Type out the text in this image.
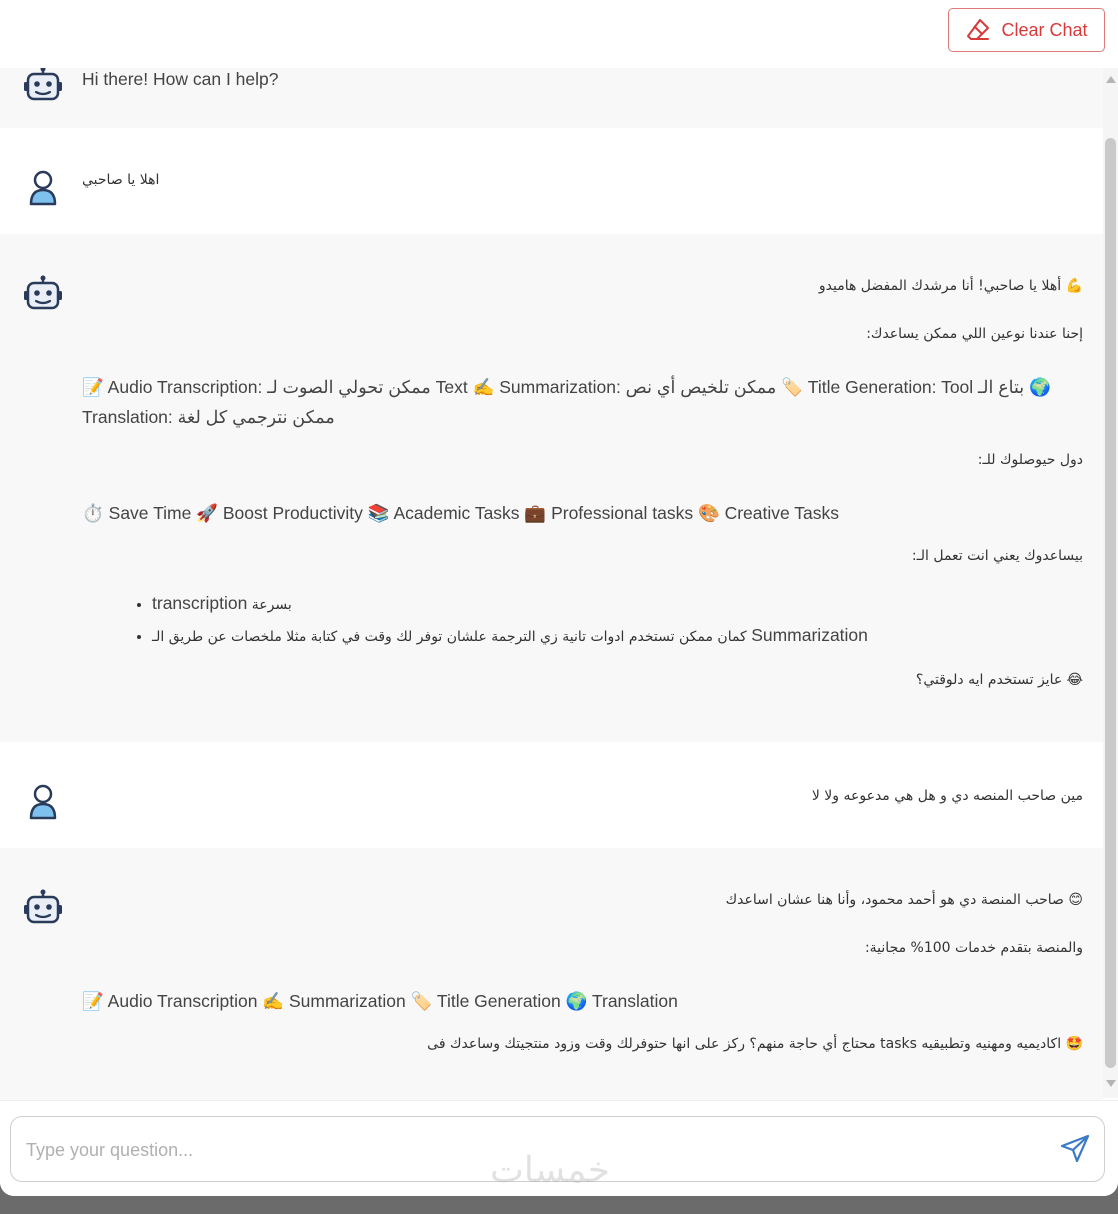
Hi there! How can I help?
اهلا يا صاحبي
💪 أهلا يا صاحبي! أنا مرشدك المفضل هاميدو
إحنا عندنا نوعين اللي ممكن يساعدك:
📝 Audio Transcription: ممكن تحولي الصوت لـ Text ✍️ Summarization: ممكن تلخيص أي نص 🏷️ Title Generation: Tool بتاع الـ 🌍
Translation: ممكن نترجمي كل لغة
دول حيوصلوك للـ:
⏱️ Save Time 🚀 Boost Productivity 📚 Academic Tasks 💼 Professional tasks 🎨 Creative Tasks
بيساعدوك يعني انت تعمل الـ:
• transcription بسرعة
• كمان ممكن تستخدم ادوات تانية زي الترجمة علشان توفر لك وقت في كتابة مثلا ملخصات عن طريق الـ Summarization
😂 عايز تستخدم ايه دلوقتي؟
مين صاحب المنصه دي و هل هي مدعوعه ولا لا
😊 صاحب المنصة دي هو أحمد محمود، وأنا هنا عشان اساعدك
والمنصة بتقدم خدمات 100% مجانية:
📝 Audio Transcription ✍️ Summarization 🏷️ Title Generation 🌍 Translation
🤩 اكاديميه ومهنيه وتطبيقيه tasks محتاج أي حاجة منهم؟ ركز على انها حتوفرلك وقت وزود منتجيتك وساعدك فى
Clear Chat
Type your question...
خمسات
